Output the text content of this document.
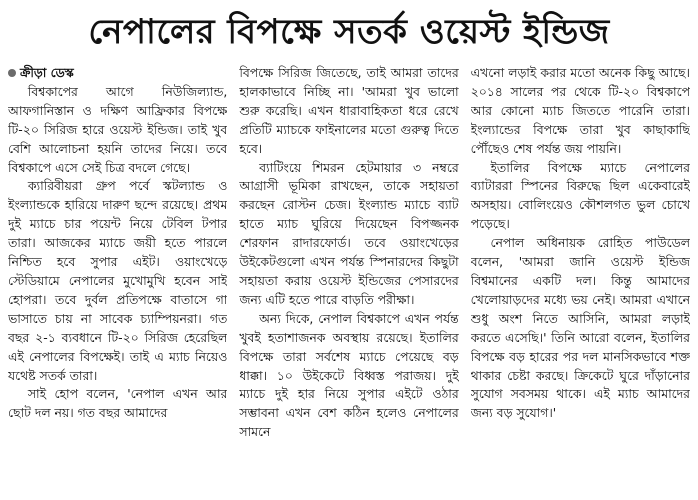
নেপালের বিপক্ষে সতর্ক ওয়েস্ট ইন্ডিজ

ক্রীড়া ডেস্ক

বিশ্বকাপের আগে নিউজিল্যান্ড, আফগানিস্তান ও দক্ষিণ আফ্রিকার বিপক্ষে টি-২০ সিরিজ হারে ওয়েস্ট ইন্ডিজ। তাই খুব বেশি আলোচনা হয়নি তাদের নিয়ে। তবে বিশ্বকাপে এসে সেই চিত্র বদলে গেছে।

ক্যারিবীয়রা গ্রুপ পর্বে স্কটল্যান্ড ও ইংল্যান্ডকে হারিয়ে দারুণ ছন্দে রয়েছে। প্রথম দুই ম্যাচে চার পয়েন্ট নিয়ে টেবিল টপার তারা। আজকের ম্যাচে জয়ী হতে পারলে নিশ্চিত হবে সুপার এইট। ওয়াংখেড়ে স্টেডিয়ামে নেপালের মুখোমুখি হবেন সাই হোপরা। তবে দুর্বল প্রতিপক্ষে বাতাসে গা ভাসাতে চায় না সাবেক চ্যাম্পিয়নরা। গত বছর ২-১ ব্যবধানে টি-২০ সিরিজ হেরেছিল এই নেপালের বিপক্ষেই। তাই এ ম্যাচ নিয়েও যথেষ্ট সতর্ক তারা।

সাই হোপ বলেন, 'নেপাল এখন আর ছোট দল নয়। গত বছর আমাদের

বিপক্ষে সিরিজ জিতেছে, তাই আমরা তাদের হালকাভাবে নিচ্ছি না। 'আমরা খুব ভালো শুরু করেছি। এখন ধারাবাহিকতা ধরে রেখে প্রতিটি ম্যাচকে ফাইনালের মতো গুরুত্ব দিতে হবে।

ব্যাটিংয়ে শিমরন হেটমায়ার ৩ নম্বরে আগ্রাসী ভূমিকা রাখছেন, তাকে সহায়তা করছেন রোস্টন চেজ। ইংল্যান্ড ম্যাচে ব্যাট হাতে ম্যাচ ঘুরিয়ে দিয়েছেন বিপজ্জনক শেরফান রাদারফোর্ড। তবে ওয়াংখেড়ের উইকেটগুলো এখন পর্যন্ত স্পিনারদের কিছুটা সহায়তা করায় ওয়েস্ট ইন্ডিজের পেসারদের জন্য এটি হতে পারে বাড়তি পরীক্ষা।

অন্য দিকে, নেপাল বিশ্বকাপে এখন পর্যন্ত খুবই হতাশাজনক অবস্থায় রয়েছে। ইতালির বিপক্ষে তারা সর্বশেষ ম্যাচে পেয়েছে বড় ধাক্কা। ১০ উইকেটে বিধ্বস্ত পরাজয়। দুই ম্যাচে দুই হার নিয়ে সুপার এইটে ওঠার সম্ভাবনা এখন বেশ কঠিন হলেও নেপালের সামনে

এখনো লড়াই করার মতো অনেক কিছু আছে। ২০১৪ সালের পর থেকে টি-২০ বিশ্বকাপে আর কোনো ম্যাচ জিততে পারেনি তারা। ইংল্যান্ডের বিপক্ষে তারা খুব কাছাকাছি পৌঁছেও শেষ পর্যন্ত জয় পায়নি।

ইতালির বিপক্ষে ম্যাচে নেপালের ব্যাটাররা স্পিনের বিরুদ্ধে ছিল একেবারেই অসহায়। বোলিংয়েও কৌশলগত ভুল চোখে পড়েছে।

নেপাল অধিনায়ক রোহিত পাউডেল বলেন, 'আমরা জানি ওয়েস্ট ইন্ডিজ বিশ্বমানের একটি দল। কিন্তু আমাদের খেলোয়াড়দের মধ্যে ভয় নেই। আমরা এখানে শুধু অংশ নিতে আসিনি, আমরা লড়াই করতে এসেছি।' তিনি আরো বলেন, ইতালির বিপক্ষে বড় হারের পর দল মানসিকভাবে শক্ত থাকার চেষ্টা করছে। ক্রিকেটে ঘুরে দাঁড়ানোর সুযোগ সবসময় থাকে। এই ম্যাচ আমাদের জন্য বড় সুযোগ।'
